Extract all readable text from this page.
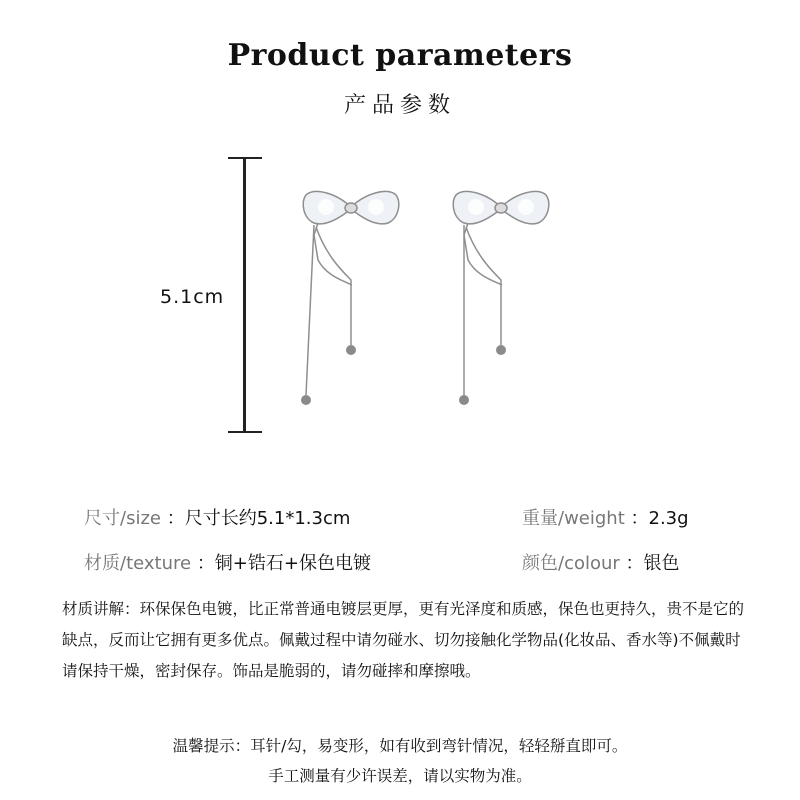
Product parameters
产品参数
5.1cm
尺寸/size ：尺寸长约5.1*1.3cm	重量/weight ：2.3g
材质/texture ：铜+锆石+保色电镀	颜色/colour ：银色
材质讲解：环保保色电镀，比正常普通电镀层更厚，更有光泽度和质感，保色也更持久，贵不是它的缺点，反而让它拥有更多优点。佩戴过程中请勿碰水、切勿接触化学物品(化妆品、香水等)不佩戴时请保持干燥，密封保存。饰品是脆弱的，请勿碰摔和摩擦哦。
温馨提示：耳针/勾，易变形，如有收到弯针情况，轻轻掰直即可。
手工测量有少许误差，请以实物为准。
